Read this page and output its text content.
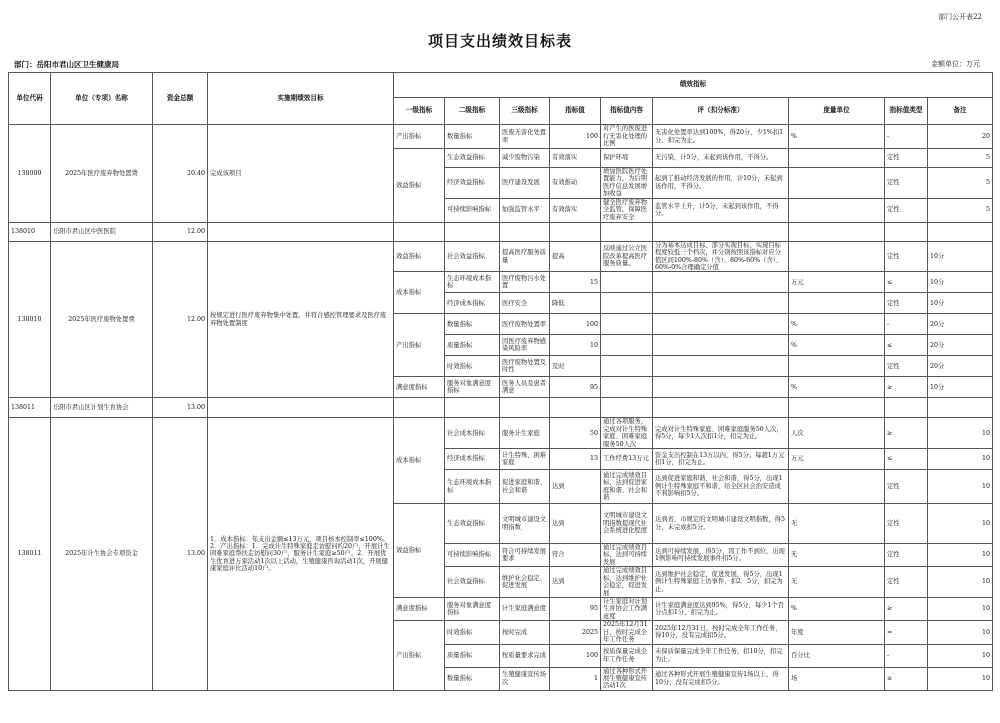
部门公开表22
项目支出绩效目标表
部门：岳阳市君山区卫生健康局	金额单位：万元
单位代码	单位（专项）名称	资金总额	实施期绩效目标	绩效指标								
				一级指标	二级指标	三级指标	指标值	指标值内容	评（扣分标准）	度量单位	指标值类型	备注
138009	2025年医疗废弃物处置费	20.40	完成该项目	产出指标	数量指标	医废无害化处置率	100	对产生的医废进行无害化处理的比例	无害化处置率达到100%，得20分，少1%扣1分，扣完为止。	%	-	20
				效益指标	生态效益指标	减少废物污染	有效落实	保护环境	无污染，计5分，未起到该作用，不得分。		定性	5
					经济效益指标	医疗建设发展	有效推动	增加医院医疗处置能力，为后期医疗信息发展增加收益	起到了推动经济发展的作用，计10分，未起到该作用，不得分。		定性	5
					可持续影响指标	加强监管水平	有效落实	健全医疗废弃物全监管，保障医疗废弃安全	监管水平上升，计5分，未起到该作用，不得分。		定性	5
138010	岳阳市君山区中医医院	12.00										
138010	2025年医疗废物处置费	12.00	按规定进行医疗废弃物集中处置，并符合感控管理要求及医疗废弃物处置制度	效益指标	社会效益指标	提高医疗服务质量	提高	反映通过公立医院改革提高医疗服务质量。	分为基本达成目标、部分实现目标、实现目标程度较低三个档次，并分别按照该指标对应分值区间100%-80%（含）、80%-60%（含）、60%-0%合理确定分值		定性	10分
				成本指标	生态环境成本指标	医疗废物污水处置	15			万元	≤	10分
					经济成本指标	医疗安全	降低				定性	10分
				产出指标	数量指标	医疗废物处置率	100			%	-	20分
					质量指标	因医疗废弃物感染风险率	10			%	≤	20分
					时效指标	医疗废物处置及时性	及时				定性	20分
				满意度指标	服务对象满意度指标	医务人员及患者满意	95			%	≥	10分
138011	岳阳市君山区计划生育协会	13.00										
138011	2025年计生协会专项资金	13.00	1．成本指标：年支出金额≤13万元，项目核本控制率≤100%。2．产出指标：1．完成计生特殊家庭走访慰问约20户，开展计生困难家庭帮扶走访慰问30户，服务计生家庭≥50户。2．开展优生优育进万家活动1次以上活动，生殖健康咨询活动1次，开展健康家庭评比活动10户。	成本指标	社会成本指标	服务计生家庭	50	通过各项服务，完成对计生特殊家庭、困难家庭服务50人次	完成对计生特殊家庭、困难家庭服务50人次，得5分，每少1人次扣1分，扣完为止。	人次	≥	10
					经济成本指标	计生特殊、困难家庭	13	工作经费13万元	资金支出控制在13万以内，得5分；每超1万元扣1分，扣完为止。	万元	≤	10
					生态环境成本指标	促进家庭和谐、社会和谐	达到	通过完成绩效目标，达到促进家庭和谐、社会和谐	达到促进家庭和谐、社会和谐，得5分，出现1例计生特殊家庭不和谐，给全区社会治安造成不利影响扣5分。		定性	10
				效益指标	生态效益指标	文明城市建设文明指数	达到	文明城市建设文明指数提现代社会系统进化程度	达到省、市规定的文明城市建设文明指数，得5分，未完成扣5分。	无	定性	10
					可持续影响指标	符合可持续发展要求	符合	通过完成绩效目标，达到可持续发展	达到可持续发展，得5分，因工作不到位，出现1例影响可持续发展事件扣5分。	无	定性	10
					社会效益指标	维护社会稳定、促进发展	达到	通过完成绩效目标，达到维护社会稳定，促进发展	达到维护社会稳定，促进发展，得5分，出现1例计生特殊家庭上访事件，扣2．5分，扣完为止。	无	定性	10
				满意度指标	服务对象满意度指标	计生家庭满意度	95	计生家庭对计划生育协会工作满意度	计生家庭满意度达到95%，得5分，每少1个百分点扣1分，扣完为止。	%	≥	10
				产出指标	时效指标	按时完成	2025	2025年12月31日，按时完成全年工作任务	2025年12月31日，按时完成全年工作任务，得10分，没有完成扣5分。	年度	=	10
					质量指标	按质量要求完成	100	按质保量完成全年工作任务	未保质保量完成全年工作任务，扣10分，扣完为止。	百分比	-	10
					数量指标	生殖健康宣传场次	1	通过各种形式开展生殖健康宣传活动1次	通过各种形式开展生殖健康宣传1场以上，得10分，没有完成扣5分。	场	≥	10
